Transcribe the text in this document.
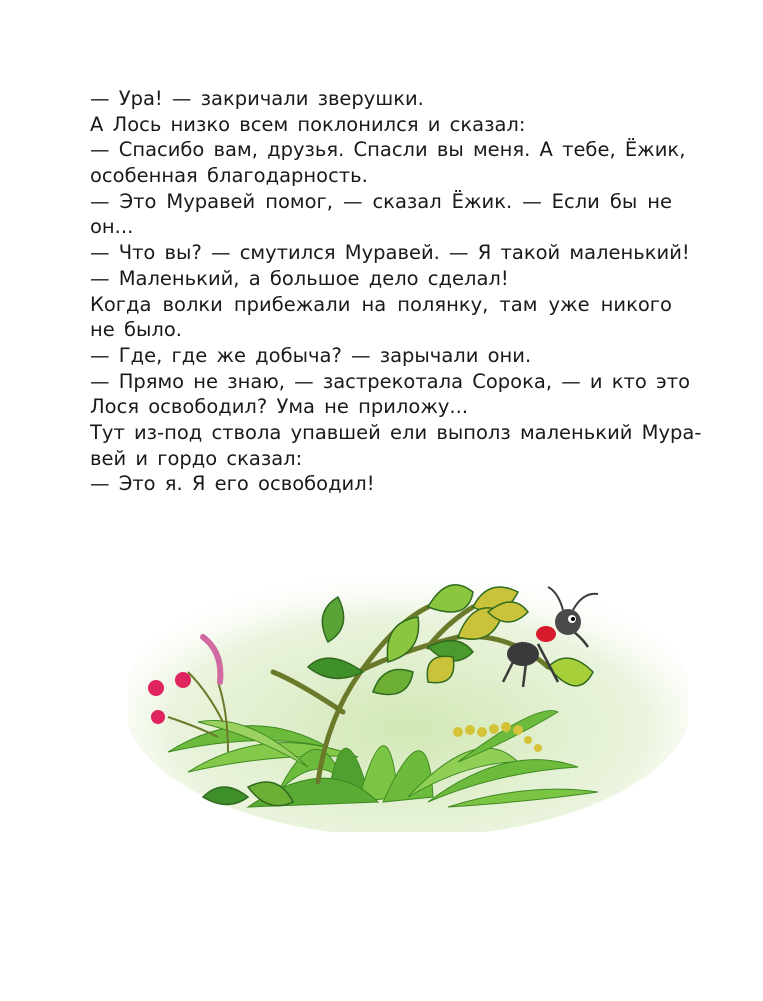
— Ура! — закричали зверушки.
А Лось низко всем поклонился и сказал:
— Спасибо вам, друзья. Спасли вы меня. А тебе, Ёжик,
особенная благодарность.
— Это Муравей помог, — сказал Ёжик. — Если бы не
он...
— Что вы? — смутился Муравей. — Я такой маленький!
— Маленький, а большое дело сделал!
Когда волки прибежали на полянку, там уже никого
не было.
— Где, где же добыча? — зарычали они.
— Прямо не знаю, — застрекотала Сорока, — и кто это
Лося освободил? Ума не приложу...
Тут из-под ствола упавшей ели выполз маленький Мура-
вей и гордо сказал:
— Это я. Я его освободил!
